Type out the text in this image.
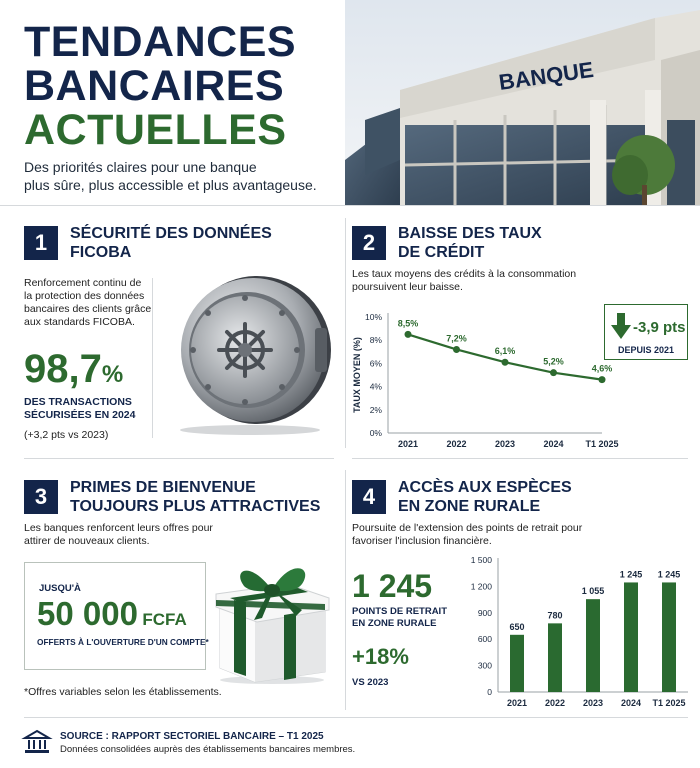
TENDANCES
BANCAIRES
ACTUELLES
Des priorités claires pour une banque
plus sûre, plus accessible et plus avantageuse.
BANQUE
1	SÉCURITÉ DES DONNÉES
FICOBA
Renforcement continu de
la protection des données
bancaires des clients grâce
aux standards FICOBA.
98,7%
DES TRANSACTIONS
SÉCURISÉES EN 2024
(+3,2 pts vs 2023)
2	BAISSE DES TAUX
DE CRÉDIT
Les taux moyens des crédits à la consommation
poursuivent leur baisse.
TAUX MOYEN (%)
0%
2%
4%
6%
8%
10%
2021	2022	2023	2024 T1 2025
8,5%
7,2%
6,1%
5,2%
4,6%
-3,9 pts
DEPUIS 2021
3	PRIMES DE BIENVENUE
TOUJOURS PLUS ATTRACTIVES
Les banques renforcent leurs offres pour
attirer de nouveaux clients.
JUSQU'À
50 000 FCFA
OFFERTS À L'OUVERTURE D'UN COMPTE*
*Offres variables selon les établissements.
4	ACCÈS AUX ESPÈCES
EN ZONE RURALE
Poursuite de l'extension des points de retrait pour
favoriser l'inclusion financière.
1 245
POINTS DE RETRAIT
EN ZONE RURALE
+18%
VS 2023
0
300
600
900
1 200
1 500
650
780
1 055
1 245 1 245
2021 2022 2023 2024 T1 2025
SOURCE : RAPPORT SECTORIEL BANCAIRE – T1 2025
Données consolidées auprès des établissements bancaires membres.
